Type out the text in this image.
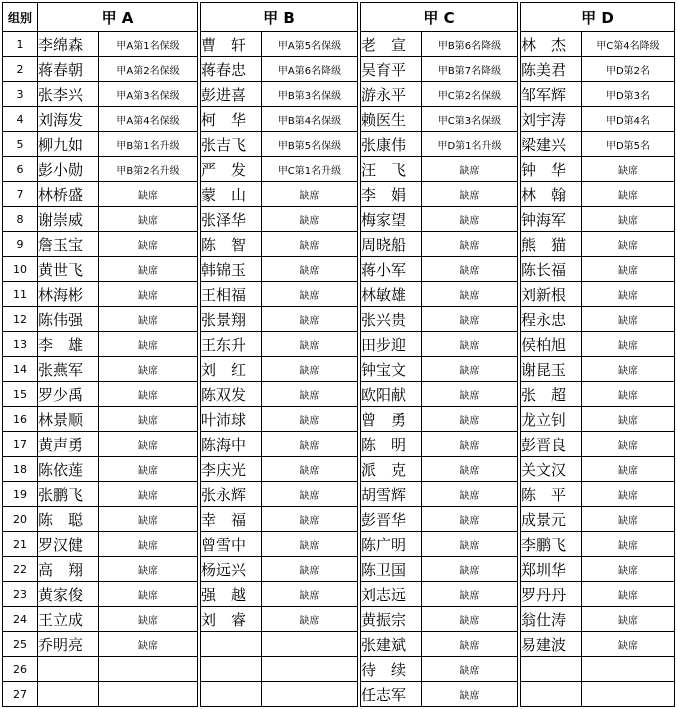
组别	甲 A			甲 B			甲 C			甲 D	
1	李绵森	甲A第1名保级		曹　轩	甲A第5名保级		老　宣	甲B第6名降级		林　杰	甲C第4名降级
2	蒋春朝	甲A第2名保级		蒋春忠	甲A第6名降级		吴育平	甲B第7名降级		陈美君	甲D第2名
3	张李兴	甲A第3名保级		彭进喜	甲B第3名保级		游永平	甲C第2名保级		邹军辉	甲D第3名
4	刘海发	甲A第4名保级		柯　华	甲B第4名保级		赖医生	甲C第3名保级		刘宇涛	甲D第4名
5	柳九如	甲B第1名升级		张吉飞	甲B第5名保级		张康伟	甲D第1名升级		梁建兴	甲D第5名
6	彭小勋	甲B第2名升级		严　发	甲C第1名升级		汪　飞	缺席		钟　华	缺席
7	林桥盛	缺席		蒙　山	缺席		李　娟	缺席		林　翰	缺席
8	谢崇威	缺席		张泽华	缺席		梅家望	缺席		钟海军	缺席
9	詹玉宝	缺席		陈　智	缺席		周晓船	缺席		熊　猫	缺席
10	黄世飞	缺席		韩锦玉	缺席		蒋小军	缺席		陈长福	缺席
11	林海彬	缺席		王相福	缺席		林敏雄	缺席		刘新根	缺席
12	陈伟强	缺席		张景翔	缺席		张兴贵	缺席		程永忠	缺席
13	李　雄	缺席		王东升	缺席		田步迎	缺席		侯柏旭	缺席
14	张燕军	缺席		刘　红	缺席		钟宝文	缺席		谢昆玉	缺席
15	罗少禹	缺席		陈双发	缺席		欧阳献	缺席		张　超	缺席
16	林景顺	缺席		叶沛球	缺席		曾　勇	缺席		龙立钊	缺席
17	黄声勇	缺席		陈海中	缺席		陈　明	缺席		彭晋良	缺席
18	陈依莲	缺席		李庆光	缺席		派　克	缺席		关文汉	缺席
19	张鹏飞	缺席		张永辉	缺席		胡雪辉	缺席		陈　平	缺席
20	陈　聪	缺席		幸　福	缺席		彭晋华	缺席		成景元	缺席
21	罗汉健	缺席		曾雪中	缺席		陈广明	缺席		李鹏飞	缺席
22	高　翔	缺席		杨远兴	缺席		陈卫国	缺席		郑圳华	缺席
23	黄家俊	缺席		强　越	缺席		刘志远	缺席		罗丹丹	缺席
24	王立成	缺席		刘　睿	缺席		黄振宗	缺席		翁仕涛	缺席
25	乔明亮	缺席					张建斌	缺席		易建波	缺席
26							待　续	缺席			
27							任志军	缺席			
